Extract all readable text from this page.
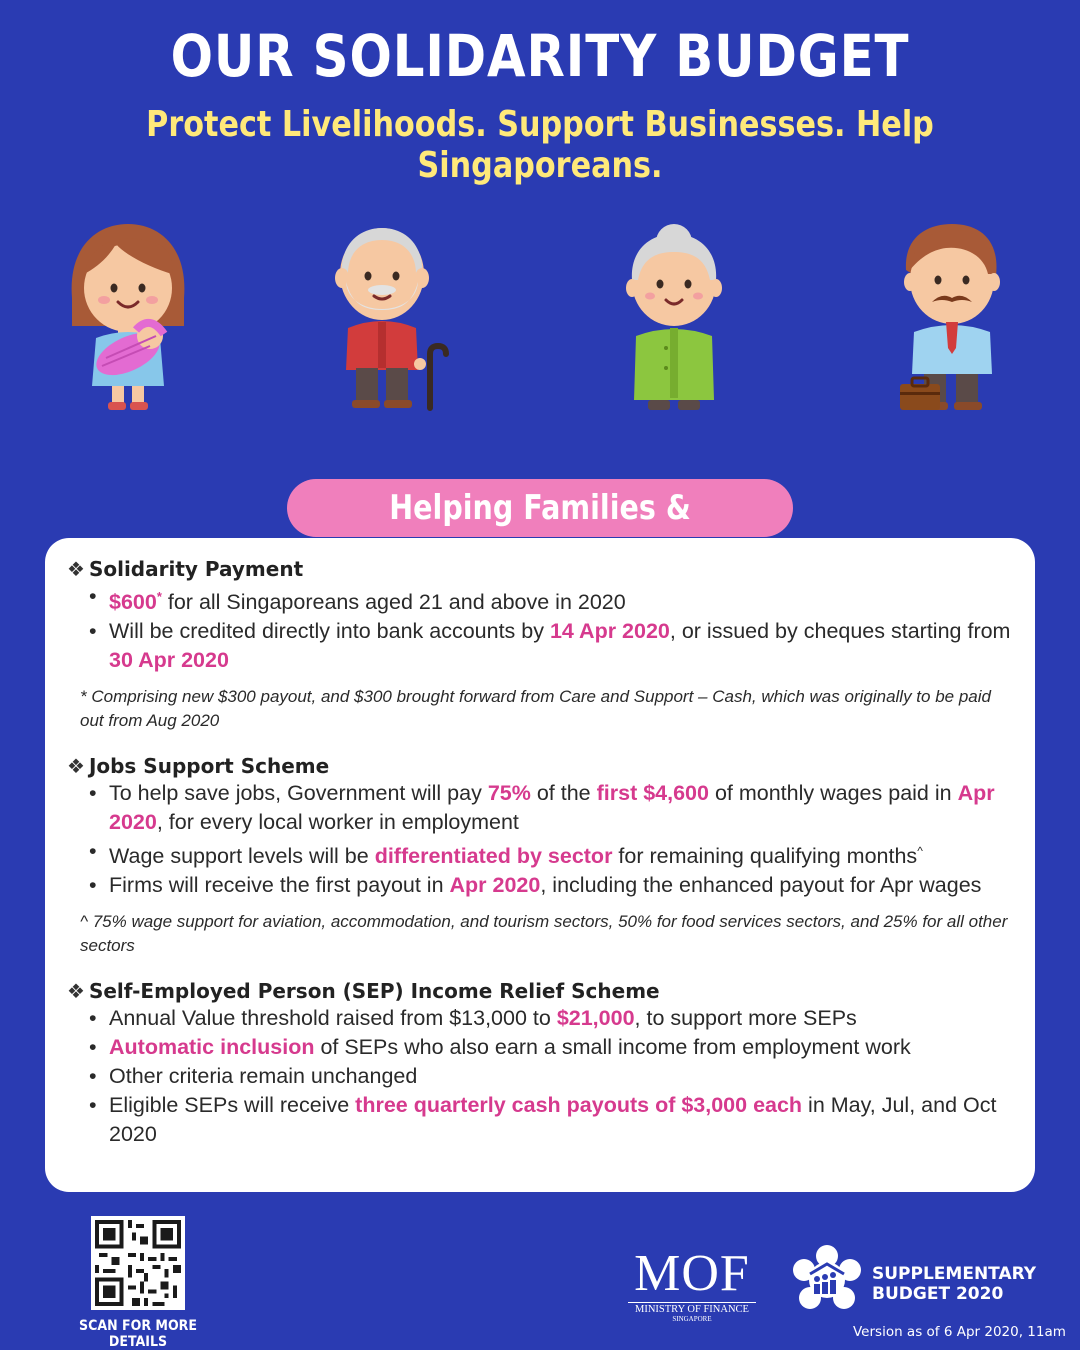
OUR SOLIDARITY BUDGET
Protect Livelihoods. Support Businesses. Help Singaporeans.
Helping Families & Workers
❖ Solidarity Payment
• $600* for all Singaporeans aged 21 and above in 2020
• Will be credited directly into bank accounts by 14 Apr 2020, or issued by cheques starting from 30 Apr 2020

* Comprising new $300 payout, and $300 brought forward from Care and Support – Cash, which was originally to be paid out from Aug 2020

❖ Jobs Support Scheme
• To help save jobs, Government will pay 75% of the first $4,600 of monthly wages paid in Apr 2020, for every local worker in employment
• Wage support levels will be differentiated by sector for remaining qualifying months^
• Firms will receive the first payout in Apr 2020, including the enhanced payout for Apr wages

^ 75% wage support for aviation, accommodation, and tourism sectors, 50% for food services sectors, and 25% for all other sectors

❖ Self-Employed Person (SEP) Income Relief Scheme
• Annual Value threshold raised from $13,000 to $21,000, to support more SEPs
• Automatic inclusion of SEPs who also earn a small income from employment work
• Other criteria remain unchanged
• Eligible SEPs will receive three quarterly cash payouts of $3,000 each in May, Jul, and Oct 2020
SCAN FOR MORE DETAILS
MOF
MINISTRY OF FINANCE
SINGAPORE
SUPPLEMENTARY
BUDGET 2020
Version as of 6 Apr 2020, 11am
